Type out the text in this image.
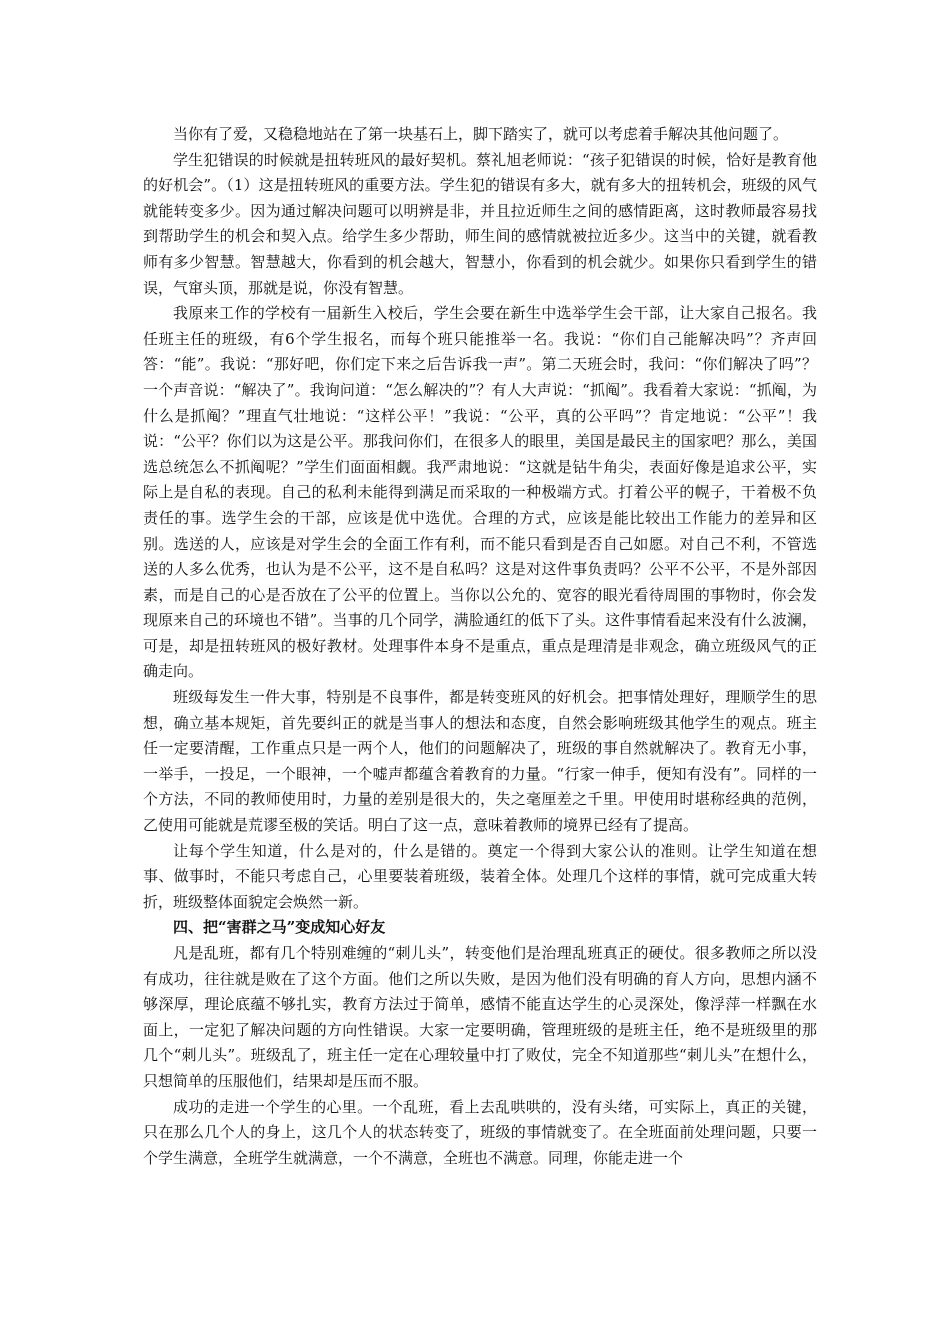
当你有了爱，又稳稳地站在了第一块基石上，脚下踏实了，就可以考虑着手解决其他问题了。

学生犯错误的时候就是扭转班风的最好契机。蔡礼旭老师说：“孩子犯错误的时候，恰好是教育他的好机会”。（1）这是扭转班风的重要方法。学生犯的错误有多大，就有多大的扭转机会，班级的风气就能转变多少。因为通过解决问题可以明辨是非，并且拉近师生之间的感情距离，这时教师最容易找到帮助学生的机会和契入点。给学生多少帮助，师生间的感情就被拉近多少。这当中的关键，就看教师有多少智慧。智慧越大，你看到的机会越大，智慧小，你看到的机会就少。如果你只看到学生的错误，气窜头顶，那就是说，你没有智慧。

我原来工作的学校有一届新生入校后，学生会要在新生中选举学生会干部，让大家自己报名。我任班主任的班级，有6个学生报名，而每个班只能推举一名。我说：“你们自己能解决吗”？齐声回答：“能”。我说：“那好吧，你们定下来之后告诉我一声”。第二天班会时，我问：“你们解决了吗”？一个声音说：“解决了”。我询问道：“怎么解决的”？有人大声说：“抓阄”。我看着大家说：“抓阄，为什么是抓阄？”理直气壮地说：“这样公平！”我说：“公平，真的公平吗”？肯定地说：“公平”！我说：“公平？你们以为这是公平。那我问你们，在很多人的眼里，美国是最民主的国家吧？那么，美国选总统怎么不抓阄呢？”学生们面面相觑。我严肃地说：“这就是钻牛角尖，表面好像是追求公平，实际上是自私的表现。自己的私利未能得到满足而采取的一种极端方式。打着公平的幌子，干着极不负责任的事。选学生会的干部，应该是优中选优。合理的方式，应该是能比较出工作能力的差异和区别。选送的人，应该是对学生会的全面工作有利，而不能只看到是否自己如愿。对自己不利，不管选送的人多么优秀，也认为是不公平，这不是自私吗？这是对这件事负责吗？公平不公平，不是外部因素，而是自己的心是否放在了公平的位置上。当你以公允的、宽容的眼光看待周围的事物时，你会发现原来自己的环境也不错”。当事的几个同学，满脸通红的低下了头。这件事情看起来没有什么波澜，可是，却是扭转班风的极好教材。处理事件本身不是重点，重点是理清是非观念，确立班级风气的正确走向。

班级每发生一件大事，特别是不良事件，都是转变班风的好机会。把事情处理好，理顺学生的思想，确立基本规矩，首先要纠正的就是当事人的想法和态度，自然会影响班级其他学生的观点。班主任一定要清醒，工作重点只是一两个人，他们的问题解决了，班级的事自然就解决了。教育无小事，一举手，一投足，一个眼神，一个嘘声都蕴含着教育的力量。“行家一伸手，便知有没有”。同样的一个方法，不同的教师使用时，力量的差别是很大的，失之毫厘差之千里。甲使用时堪称经典的范例，乙使用可能就是荒谬至极的笑话。明白了这一点，意味着教师的境界已经有了提高。

让每个学生知道，什么是对的，什么是错的。奠定一个得到大家公认的准则。让学生知道在想事、做事时，不能只考虑自己，心里要装着班级，装着全体。处理几个这样的事情，就可完成重大转折，班级整体面貌定会焕然一新。

四、把“害群之马”变成知心好友

凡是乱班，都有几个特别难缠的“刺儿头”，转变他们是治理乱班真正的硬仗。很多教师之所以没有成功，往往就是败在了这个方面。他们之所以失败，是因为他们没有明确的育人方向，思想内涵不够深厚，理论底蕴不够扎实，教育方法过于简单，感情不能直达学生的心灵深处，像浮萍一样飘在水面上，一定犯了解决问题的方向性错误。大家一定要明确，管理班级的是班主任，绝不是班级里的那几个“刺儿头”。班级乱了，班主任一定在心理较量中打了败仗，完全不知道那些“刺儿头”在想什么，只想简单的压服他们，结果却是压而不服。

成功的走进一个学生的心里。一个乱班，看上去乱哄哄的，没有头绪，可实际上，真正的关键，只在那么几个人的身上，这几个人的状态转变了，班级的事情就变了。在全班面前处理问题，只要一个学生满意，全班学生就满意，一个不满意，全班也不满意。同理，你能走进一个
